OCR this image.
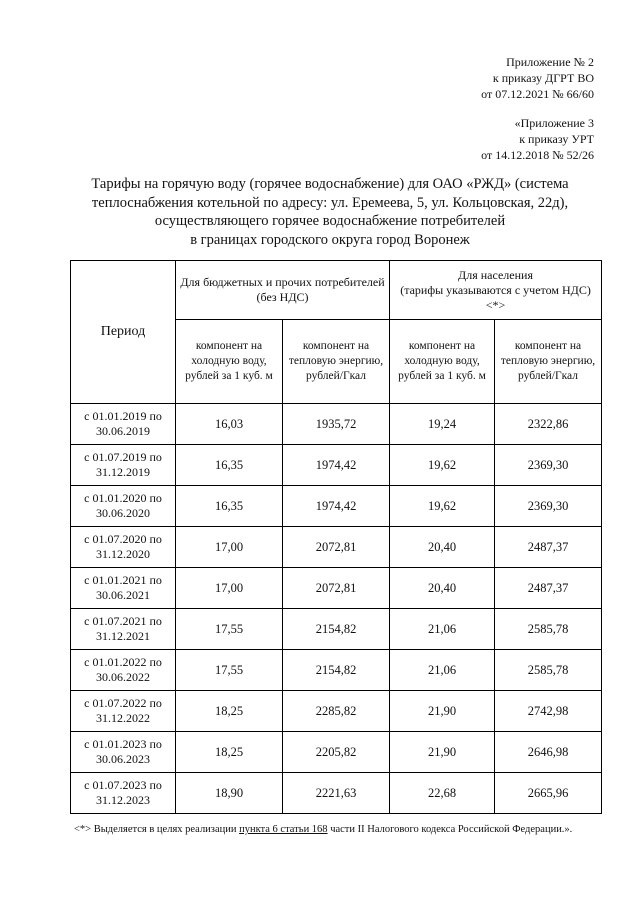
Приложение № 2
к приказу ДГРТ ВО
от 07.12.2021 № 66/60
«Приложение 3
к приказу УРТ
от 14.12.2018 № 52/26
Тарифы на горячую воду (горячее водоснабжение) для ОАО «РЖД» (система
теплоснабжения котельной по адресу: ул. Еремеева, 5, ул. Кольцовская, 22д),
осуществляющего горячее водоснабжение потребителей
в границах городского округа город Воронеж
Период	Для бюджетных и прочих потребителей (без НДС)		Для населения
(тарифы указываются с учетом НДС)
<*>	

	компонент на холодную воду, рублей за 1 куб. м	компонент на тепловую энергию, рублей/Гкал	компонент на холодную воду, рублей за 1 куб. м	компонент на тепловую энергию, рублей/Гкал
с 01.01.2019 по 30.06.2019	16,03	1935,72	19,24	2322,86
с 01.07.2019 по 31.12.2019	16,35	1974,42	19,62	2369,30
с 01.01.2020 по 30.06.2020	16,35	1974,42	19,62	2369,30
с 01.07.2020 по 31.12.2020	17,00	2072,81	20,40	2487,37
с 01.01.2021 по 30.06.2021	17,00	2072,81	20,40	2487,37
с 01.07.2021 по 31.12.2021	17,55	2154,82	21,06	2585,78
с 01.01.2022 по 30.06.2022	17,55	2154,82	21,06	2585,78
с 01.07.2022 по 31.12.2022	18,25	2285,82	21,90	2742,98
с 01.01.2023 по 30.06.2023	18,25	2205,82	21,90	2646,98
с 01.07.2023 по 31.12.2023	18,90	2221,63	22,68	2665,96
<*> Выделяется в целях реализации пункта 6 статьи 168 части II Налогового кодекса Российской Федерации.».
